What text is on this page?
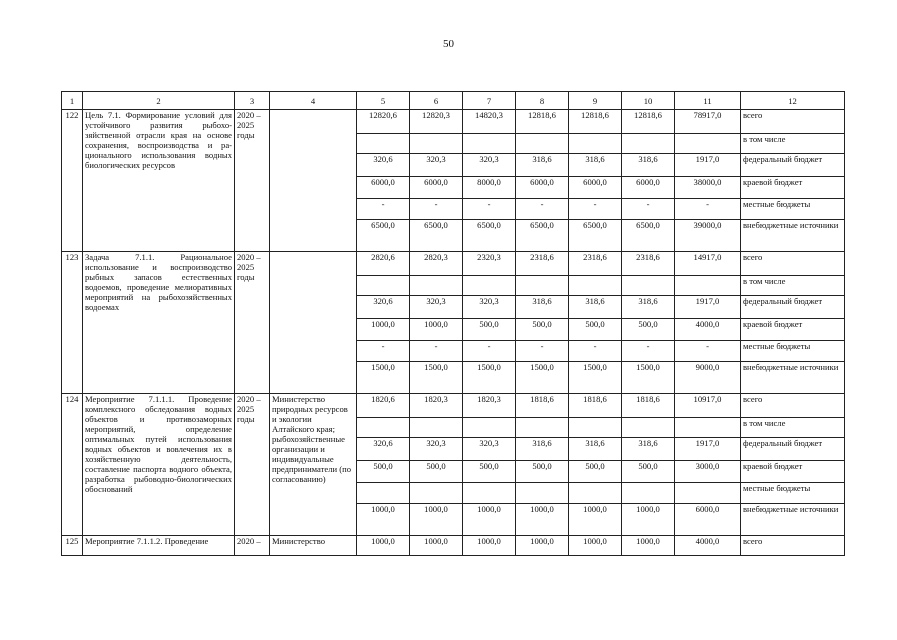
50
1	2	3	4	5	6	7	8	9	10	11	12
122	Цель 7.1. Формирование условий для устойчивого развития рыбохо-зяйственной отрасли края на основе сохранения, воспроизводства и ра-ционального использования водных биологических ресурсов	2020 – 2025 годы		12820,6	12820,3	14820,3	12818,6	12818,6	12818,6	78917,0	всего
											в том числе
				320,6	320,3	320,3	318,6	318,6	318,6	1917,0	федеральный бюджет
				6000,0	6000,0	8000,0	6000,0	6000,0	6000,0	38000,0	краевой бюджет
				-	-	-	-	-	-	-	местные бюджеты
				6500,0	6500,0	6500,0	6500,0	6500,0	6500,0	39000,0	внебюджетные источники
123	Задача 7.1.1. Рациональное использование и воспроизводство рыбных запасов естественных водоемов, проведение мелиоративных мероприятий на рыбохозяйственных водоемах	2020 – 2025 годы		2820,6	2820,3	2320,3	2318,6	2318,6	2318,6	14917,0	всего
											в том числе
				320,6	320,3	320,3	318,6	318,6	318,6	1917,0	федеральный бюджет
				1000,0	1000,0	500,0	500,0	500,0	500,0	4000,0	краевой бюджет
				-	-	-	-	-	-	-	местные бюджеты
				1500,0	1500,0	1500,0	1500,0	1500,0	1500,0	9000,0	внебюджетные источники
124	Мероприятие 7.1.1.1. Проведение комплексного обследования водных объектов и противозаморных мероприятий, определение оптимальных путей использования водных объектов и вовлечения их в хозяйственную деятельность, составление паспорта водного объекта, разработка рыбоводно-биологических обоснований	2020 – 2025 годы	Министерство природных ресурсов и экологии Алтайского края; рыбохозяйственные организации и индивидуальные предприниматели (по согласованию)	1820,6	1820,3	1820,3	1818,6	1818,6	1818,6	10917,0	всего
											в том числе
				320,6	320,3	320,3	318,6	318,6	318,6	1917,0	федеральный бюджет
				500,0	500,0	500,0	500,0	500,0	500,0	3000,0	краевой бюджет
											местные бюджеты
				1000,0	1000,0	1000,0	1000,0	1000,0	1000,0	6000,0	внебюджетные источники
125	Мероприятие 7.1.1.2. Проведение	2020 –	Министерство	1000,0	1000,0	1000,0	1000,0	1000,0	1000,0	4000,0	всего
